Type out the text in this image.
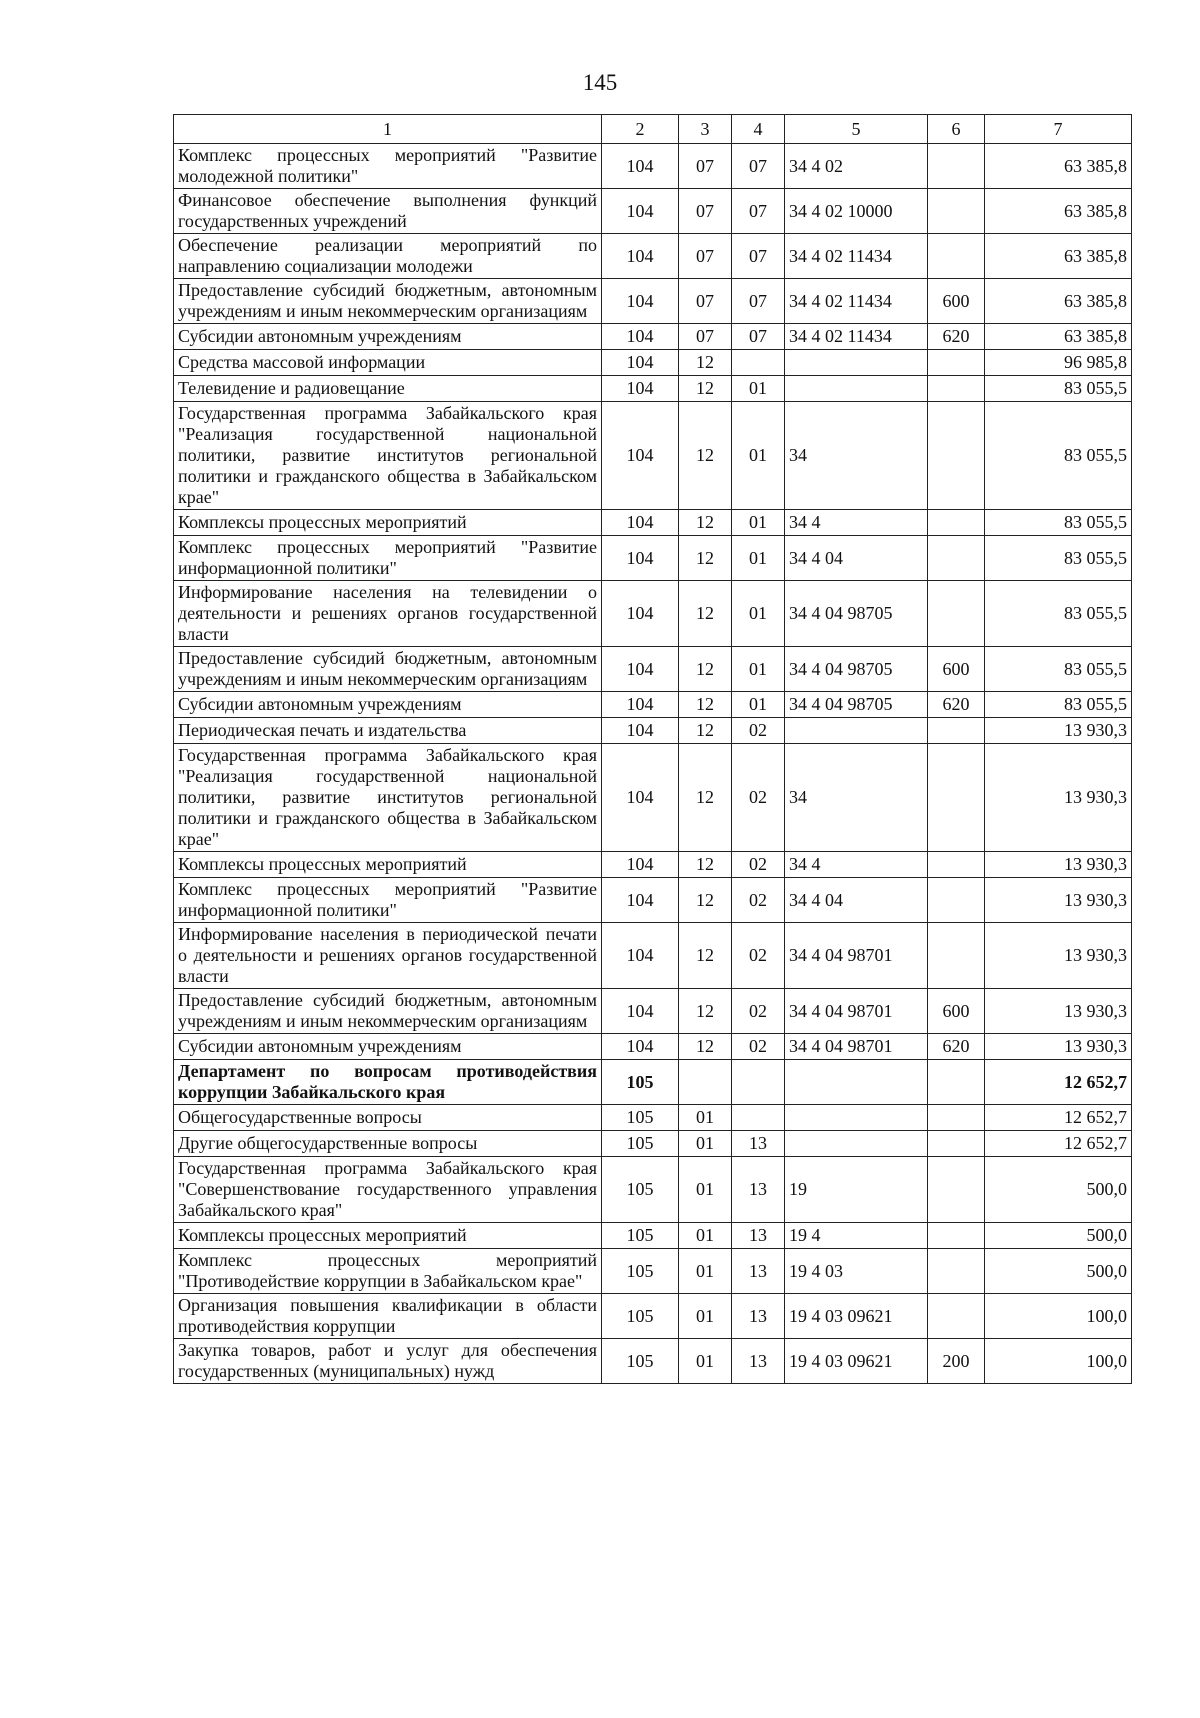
145
1	2	3	4	5	6	7
Комплекс процессных мероприятий "Развитие молодежной политики"	104	07	07	34 4 02		63 385,8
Финансовое обеспечение выполнения функций государственных учреждений	104	07	07	34 4 02 10000		63 385,8
Обеспечение реализации мероприятий по направлению социализации молодежи	104	07	07	34 4 02 11434		63 385,8
Предоставление субсидий бюджетным, автономным учреждениям и иным некоммерческим организациям	104	07	07	34 4 02 11434	600	63 385,8
Субсидии автономным учреждениям	104	07	07	34 4 02 11434	620	63 385,8
Средства массовой информации	104	12				96 985,8
Телевидение и радиовещание	104	12	01			83 055,5
Государственная программа Забайкальского края "Реализация государственной национальной политики, развитие институтов региональной политики и гражданского общества в Забайкальском крае"	104	12	01	34		83 055,5
Комплексы процессных мероприятий	104	12	01	34 4		83 055,5
Комплекс процессных мероприятий "Развитие информационной политики"	104	12	01	34 4 04		83 055,5
Информирование населения на телевидении о деятельности и решениях органов государственной власти	104	12	01	34 4 04 98705		83 055,5
Предоставление субсидий бюджетным, автономным учреждениям и иным некоммерческим организациям	104	12	01	34 4 04 98705	600	83 055,5
Субсидии автономным учреждениям	104	12	01	34 4 04 98705	620	83 055,5
Периодическая печать и издательства	104	12	02			13 930,3
Государственная программа Забайкальского края "Реализация государственной национальной политики, развитие институтов региональной политики и гражданского общества в Забайкальском крае"	104	12	02	34		13 930,3
Комплексы процессных мероприятий	104	12	02	34 4		13 930,3
Комплекс процессных мероприятий "Развитие информационной политики"	104	12	02	34 4 04		13 930,3
Информирование населения в периодической печати о деятельности и решениях органов государственной власти	104	12	02	34 4 04 98701		13 930,3
Предоставление субсидий бюджетным, автономным учреждениям и иным некоммерческим организациям	104	12	02	34 4 04 98701	600	13 930,3
Субсидии автономным учреждениям	104	12	02	34 4 04 98701	620	13 930,3
Департамент по вопросам противодействия коррупции Забайкальского края	105					12 652,7
Общегосударственные вопросы	105	01				12 652,7
Другие общегосударственные вопросы	105	01	13			12 652,7
Государственная программа Забайкальского края "Совершенствование государственного управления Забайкальского края"	105	01	13	19		500,0
Комплексы процессных мероприятий	105	01	13	19 4		500,0
Комплекс процессных мероприятий "Противодействие коррупции в Забайкальском крае"	105	01	13	19 4 03		500,0
Организация повышения квалификации в области противодействия коррупции	105	01	13	19 4 03 09621		100,0
Закупка товаров, работ и услуг для обеспечения государственных (муниципальных) нужд	105	01	13	19 4 03 09621	200	100,0
